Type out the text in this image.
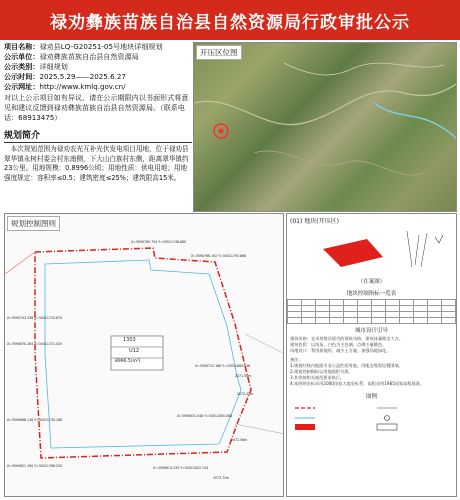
禄劝彝族苗族自治县自然资源局行政审批公示
项目名称：禄劝县LQ-G20251-05号地块详细规划
公示单位：禄劝彝族苗族自治县自然资源局
公示类别：详细规划
公示时间：2025.5.29——2025.6.27
公示网址：http://www.kmlq.gov.cn/
对以上公示项目如有异议，请在公示期限内以书面形式将意见和建议反馈到禄劝彝族苗族自治县自然资源局。（联系电话：68913475）
开压区位图
规划简介
本次规划范围为禄劝农光互补光伏发电项目用地，位于禄劝县翠华镇永树村委会村东南侧，下大山白族村东侧，距离翠华镇约23公里。用地规模：0.8996公顷；用地性质：供电用地；用地强度规定：容积率≤0.5；建筑密度≤25%；建筑限高15米。
规划控制图则
1303
U12
8996.5(m²)
X=3590765.754 Y=34511748.860
X=3590766.192 Y=34511793.868
X=3590743.338 Y=34511720.870
X=3590712.188 Y=34511869.046
X=3590670.284 Y=34511721.020
X=3590688.116 Y=34511730.186
X=3590631.548 Y=34511850.088
X=3590621.190 Y=34511768.220	X=3590614.230 Y=34511822.744
2071.50m
2072.25m
2072.56m
2073.72m
(01) 地块(开压区)
（在案图）
地块控制指标一览表

城市设计引导
建筑风格：宜采用简洁现代的建筑风格，建筑体量简洁大方。
建筑色彩：以浅灰、白色为主色调，点缀少量暖色。
场地设计：利用原地形，减少土方量，加强场地绿化。
备注：
1.规划红线内地面为非公益性质用地，用地边缘需设置围墙。
2.规划控制指标以用地面积为准。
3.其余按相关规范要求执行。
4.本图则坐标采用2000国家大地坐标系，高程采用1985国家高程基准。
图例
